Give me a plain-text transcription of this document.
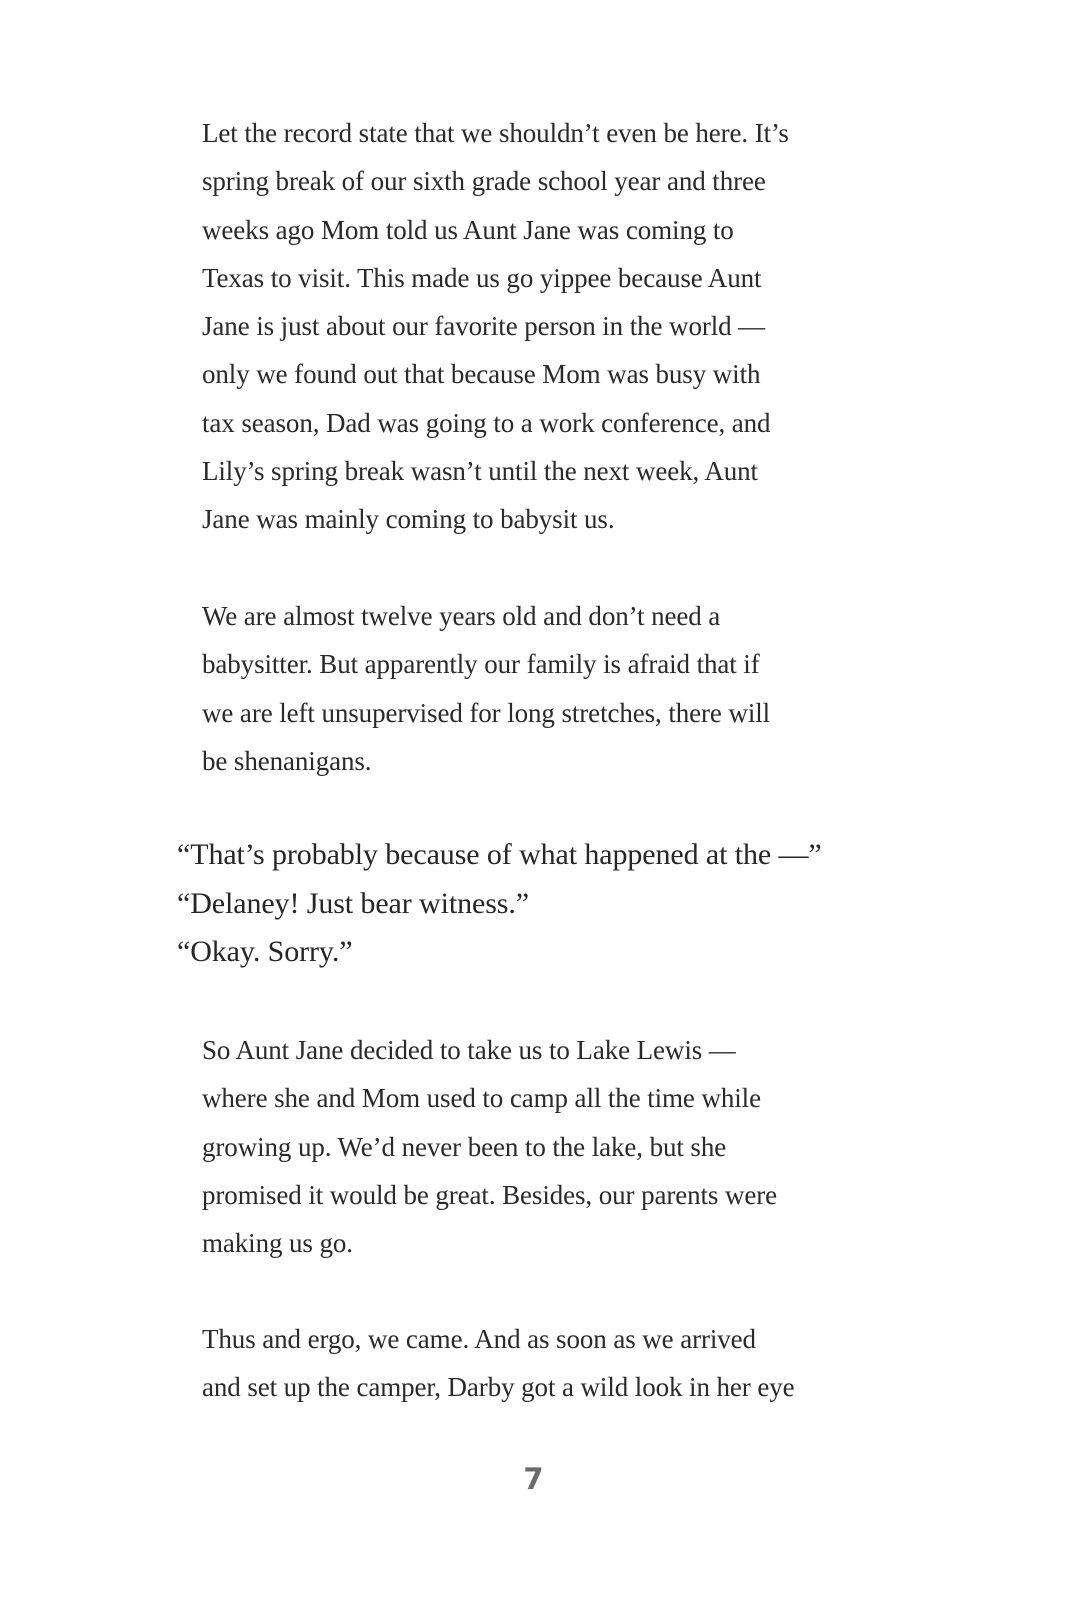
Let the record state that we shouldn’t even be here. It’s
spring break of our sixth grade school year and three
weeks ago Mom told us Aunt Jane was coming to
Texas to visit. This made us go yippee because Aunt
Jane is just about our favorite person in the world —
only we found out that because Mom was busy with
tax season, Dad was going to a work conference, and
Lily’s spring break wasn’t until the next week, Aunt
Jane was mainly coming to babysit us.

We are almost twelve years old and don’t need a
babysitter. But apparently our family is afraid that if
we are left unsupervised for long stretches, there will
be shenanigans.

“That’s probably because of what happened at the —”
“Delaney! Just bear witness.”
“Okay. Sorry.”

So Aunt Jane decided to take us to Lake Lewis —
where she and Mom used to camp all the time while
growing up. We’d never been to the lake, but she
promised it would be great. Besides, our parents were
making us go.

Thus and ergo, we came. And as soon as we arrived
and set up the camper, Darby got a wild look in her eye

7
